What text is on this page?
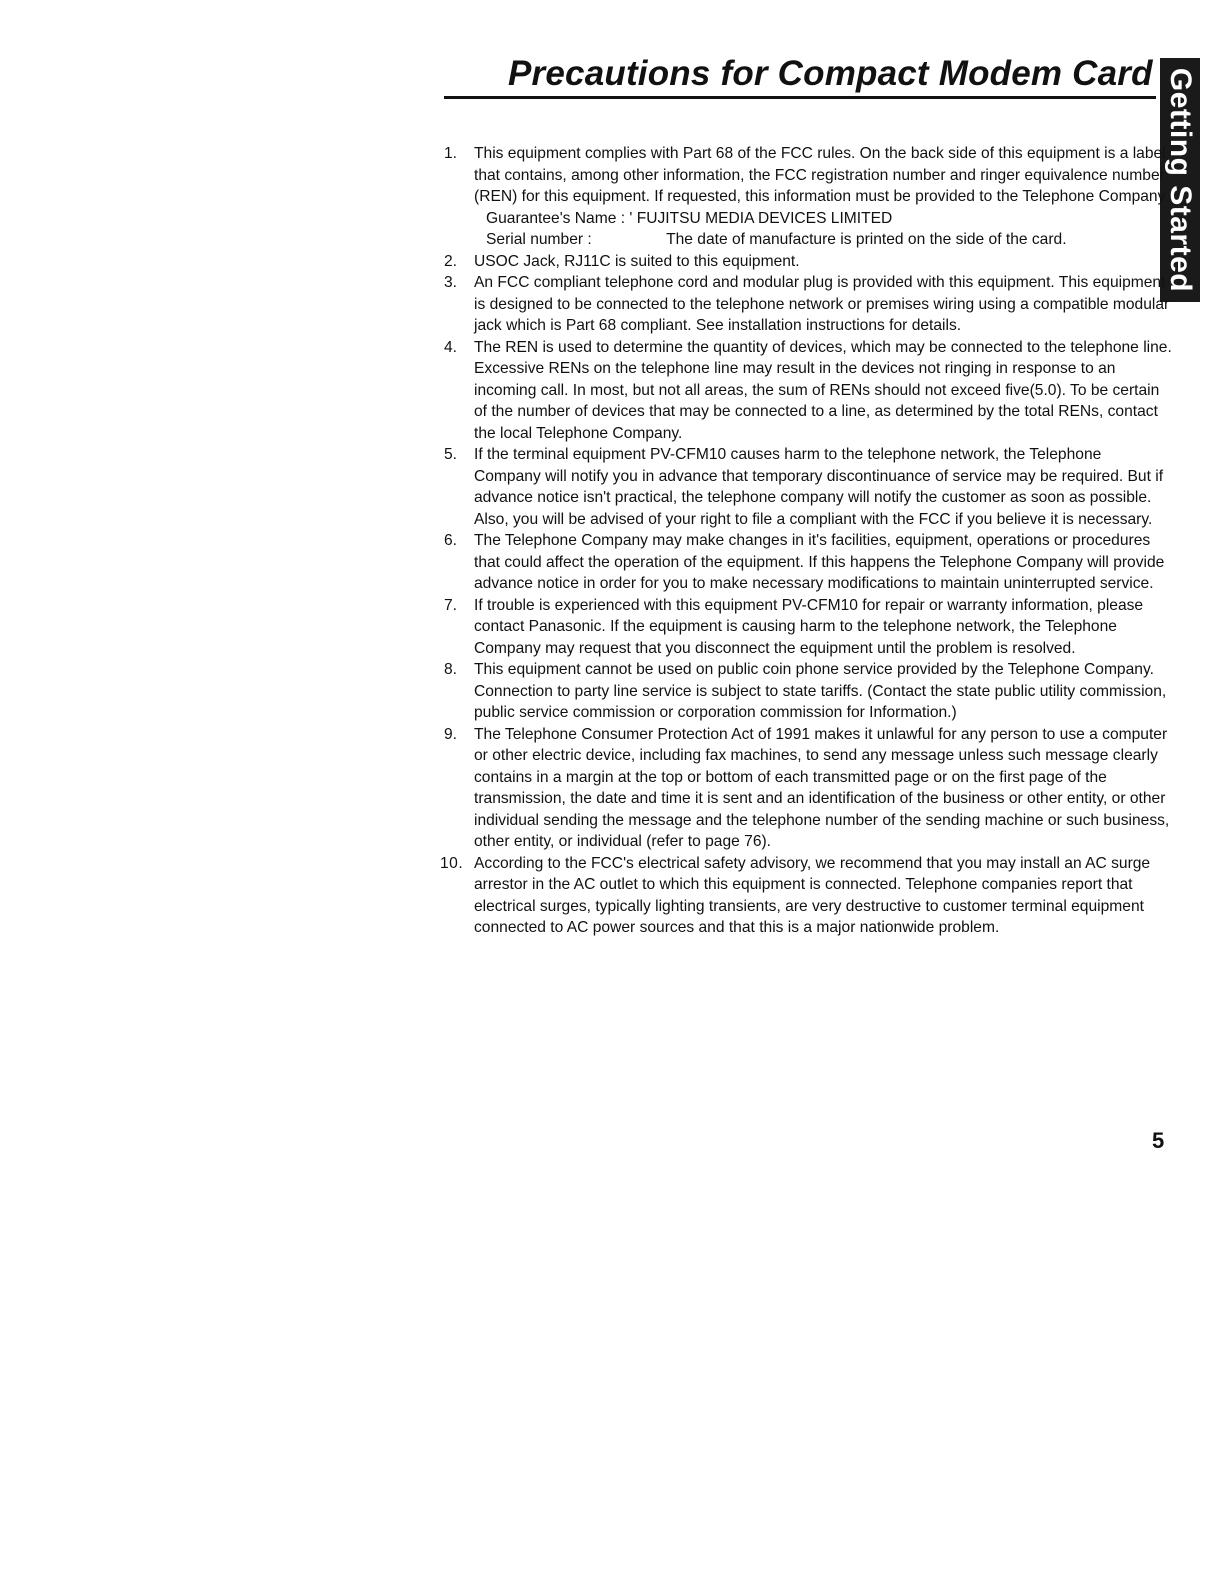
Precautions for Compact Modem Card Getting Started
1. This equipment complies with Part 68 of the FCC rules. On the back side of this equipment is a label that contains, among other information, the FCC registration number and ringer equivalence number (REN) for this equipment. If requested, this information must be provided to the Telephone Company.
Guarantee's Name : ' FUJITSU MEDIA DEVICES LIMITED
Serial number :	The date of manufacture is printed on the side of the card.
2. USOC Jack, RJ11C is suited to this equipment.
3. An FCC compliant telephone cord and modular plug is provided with this equipment. This equipment is designed to be connected to the telephone network or premises wiring using a compatible modular jack which is Part 68 compliant. See installation instructions for details.
4. The REN is used to determine the quantity of devices, which may be connected to the telephone line. Excessive RENs on the telephone line may result in the devices not ringing in response to an incoming call. In most, but not all areas, the sum of RENs should not exceed five(5.0). To be certain of the number of devices that may be connected to a line, as determined by the total RENs, contact the local Telephone Company.
5. If the terminal equipment PV-CFM10 causes harm to the telephone network, the Telephone Company will notify you in advance that temporary discontinuance of service may be required. But if advance notice isn't practical, the telephone company will notify the customer as soon as possible. Also, you will be advised of your right to file a compliant with the FCC if you believe it is necessary.
6. The Telephone Company may make changes in it's facilities, equipment, operations or procedures that could affect the operation of the equipment. If this happens the Telephone Company will provide advance notice in order for you to make necessary modifications to maintain uninterrupted service.
7. If trouble is experienced with this equipment PV-CFM10 for repair or warranty information, please contact Panasonic. If the equipment is causing harm to the telephone network, the Telephone Company may request that you disconnect the equipment until the problem is resolved.
8. This equipment cannot be used on public coin phone service provided by the Telephone Company. Connection to party line service is subject to state tariffs. (Contact the state public utility commission, public service commission or corporation commission for Information.)
9. The Telephone Consumer Protection Act of 1991 makes it unlawful for any person to use a computer or other electric device, including fax machines, to send any message unless such message clearly contains in a margin at the top or bottom of each transmitted page or on the first page of the transmission, the date and time it is sent and an identification of the business or other entity, or other individual sending the message and the telephone number of the sending machine or such business, other entity, or individual (refer to page 76).
10. According to the FCC's electrical safety advisory, we recommend that you may install an AC surge arrestor in the AC outlet to which this equipment is connected. Telephone companies report that electrical surges, typically lighting transients, are very destructive to customer terminal equipment connected to AC power sources and that this is a major nationwide problem.
5
